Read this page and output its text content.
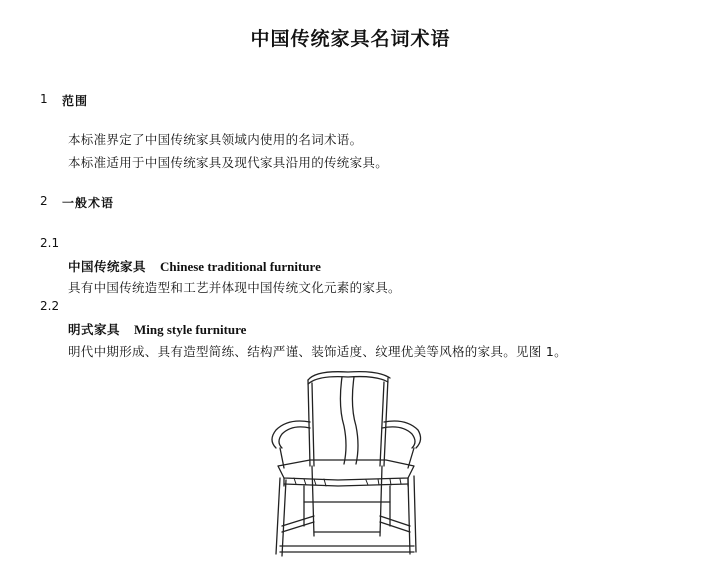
中国传统家具名词术语
1 范围
本标准界定了中国传统家具领域内使用的名词术语。
本标准适用于中国传统家具及现代家具沿用的传统家具。
2 一般术语
2.1
中国传统家具 Chinese traditional furniture
具有中国传统造型和工艺并体现中国传统文化元素的家具。
2.2
明式家具 Ming style furniture
明代中期形成、具有造型简练、结构严谨、装饰适度、纹理优美等风格的家具。见图 1。
